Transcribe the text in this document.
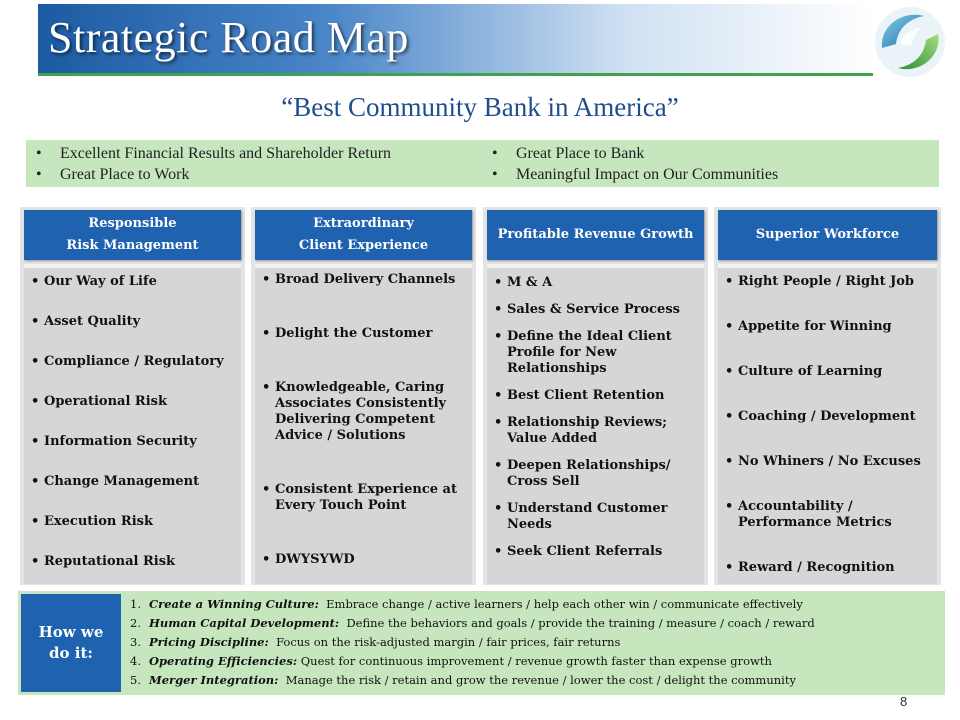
Strategic Road Map
“Best Community Bank in America”
• Excellent Financial Results and Shareholder Return
• Great Place to Work
• Great Place to Bank
• Meaningful Impact on Our Communities
Responsible
Risk Management
• Our Way of Life
• Asset Quality
• Compliance / Regulatory
• Operational Risk
• Information Security
• Change Management
• Execution Risk
• Reputational Risk
Extraordinary
Client Experience
• Broad Delivery Channels
• Delight the Customer
• Knowledgeable, Caring Associates Consistently Delivering Competent Advice / Solutions
• Consistent Experience at Every Touch Point
• DWYSYWD
Profitable Revenue Growth
• M & A
• Sales & Service Process
• Define the Ideal Client Profile for New Relationships
• Best Client Retention
• Relationship Reviews; Value Added
• Deepen Relationships/ Cross Sell
• Understand Customer Needs
• Seek Client Referrals
Superior Workforce
• Right People / Right Job
• Appetite for Winning
• Culture of Learning
• Coaching / Development
• No Whiners / No Excuses
• Accountability / Performance Metrics
• Reward / Recognition
How we
do it:
1. Create a Winning Culture: Embrace change / active learners / help each other win / communicate effectively
2. Human Capital Development: Define the behaviors and goals / provide the training / measure / coach / reward
3. Pricing Discipline: Focus on the risk-adjusted margin / fair prices, fair returns
4. Operating Efficiencies: Quest for continuous improvement / revenue growth faster than expense growth
5. Merger Integration: Manage the risk / retain and grow the revenue / lower the cost / delight the community
8
